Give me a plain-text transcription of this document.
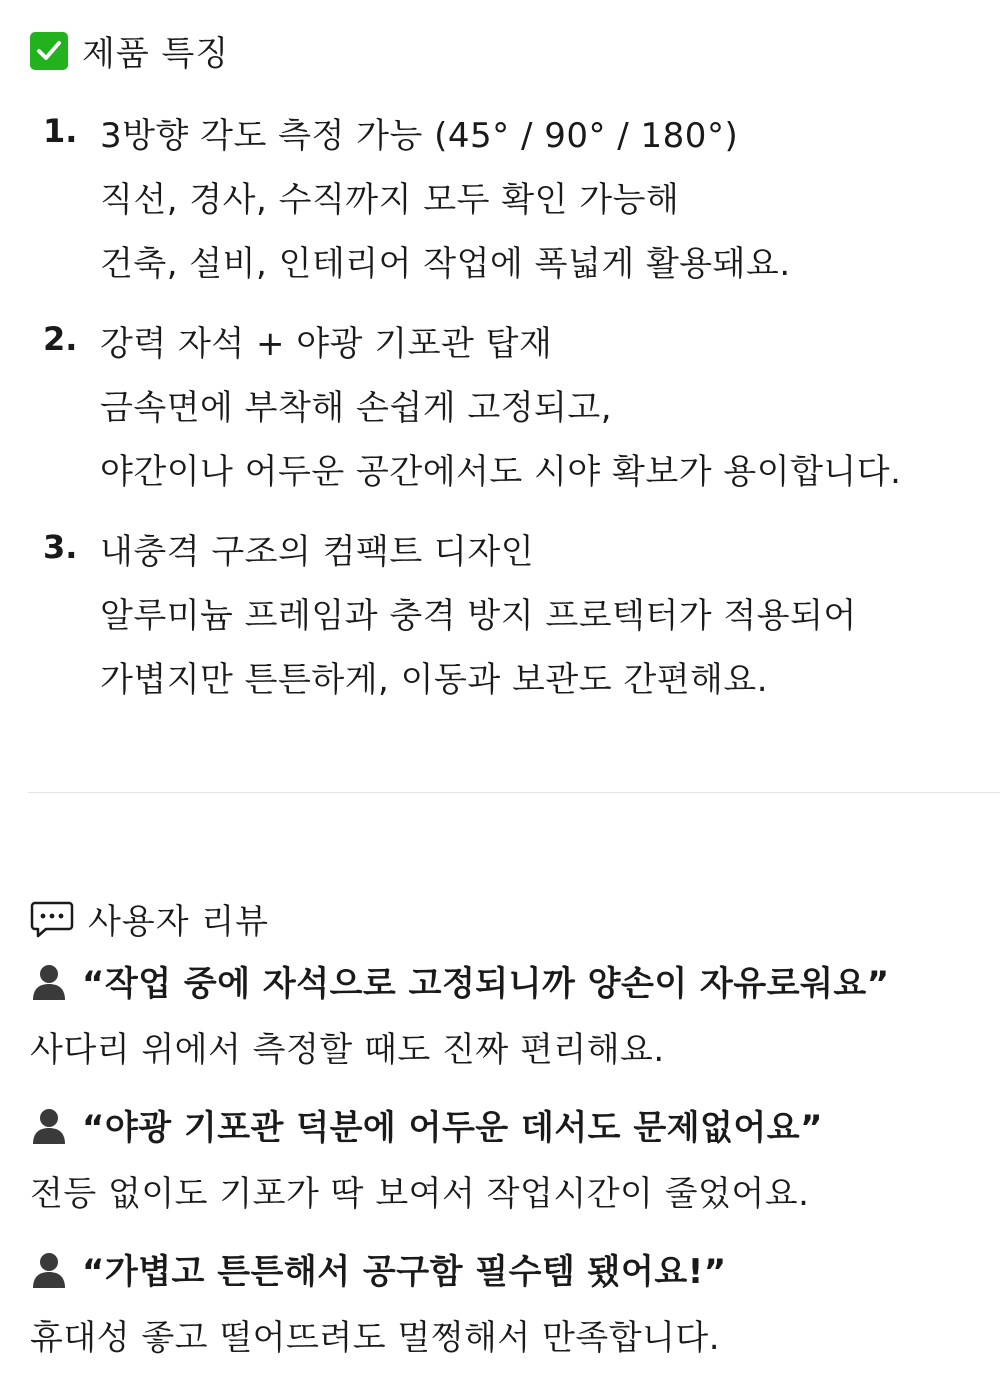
제품 특징
1. 3방향 각도 측정 가능 (45° / 90° / 180°)
직선, 경사, 수직까지 모두 확인 가능해
건축, 설비, 인테리어 작업에 폭넓게 활용돼요.
2. 강력 자석 + 야광 기포관 탑재
금속면에 부착해 손쉽게 고정되고,
야간이나 어두운 공간에서도 시야 확보가 용이합니다.
3. 내충격 구조의 컴팩트 디자인
알루미늄 프레임과 충격 방지 프로텍터가 적용되어
가볍지만 튼튼하게, 이동과 보관도 간편해요.
사용자 리뷰
“작업 중에 자석으로 고정되니까 양손이 자유로워요”
사다리 위에서 측정할 때도 진짜 편리해요.
“야광 기포관 덕분에 어두운 데서도 문제없어요”
전등 없이도 기포가 딱 보여서 작업시간이 줄었어요.
“가볍고 튼튼해서 공구함 필수템 됐어요!”
휴대성 좋고 떨어뜨려도 멀쩡해서 만족합니다.
